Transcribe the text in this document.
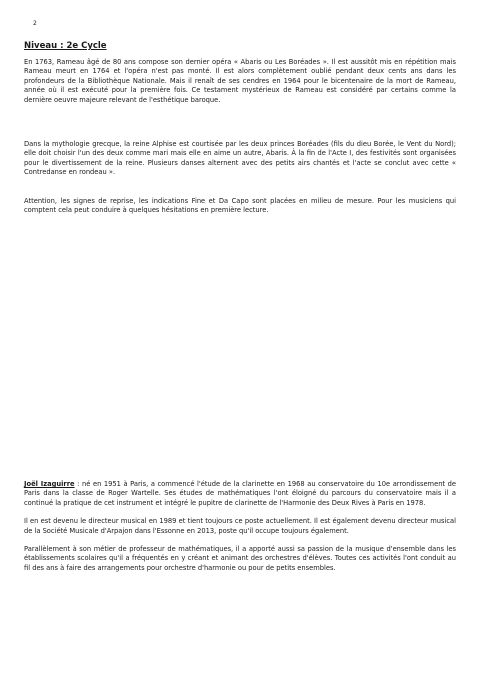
2
Niveau : 2e Cycle

En 1763, Rameau âgé de 80 ans compose son dernier opéra « Abaris ou Les Boréades ». Il est aussitôt mis en répétition mais Rameau meurt en 1764 et l'opéra n'est pas monté. Il est alors complètement oublié pendant deux cents ans dans les profondeurs de la Bibliothèque Nationale. Mais il renaît de ses cendres en 1964 pour le bicentenaire de la mort de Rameau, année où il est exécuté pour la première fois. Ce testament mystérieux de Rameau est considéré par certains comme la dernière oeuvre majeure relevant de l'esthétique baroque.

Dans la mythologie grecque, la reine Alphise est courtisée par les deux princes Boréades (fils du dieu Borée, le Vent du Nord); elle doit choisir l'un des deux comme mari mais elle en aime un autre, Abaris. À la fin de l'Acte I, des festivités sont organisées pour le divertissement de la reine. Plusieurs danses alternent avec des petits airs chantés et l'acte se conclut avec cette « Contredanse en rondeau ».

Attention, les signes de reprise, les indications Fine et Da Capo sont placées en milieu de mesure. Pour les musiciens qui comptent cela peut conduire à quelques hésitations en première lecture.

Joël Izaguirre : né en 1951 à Paris, a commencé l'étude de la clarinette en 1968 au conservatoire du 10e arrondissement de Paris dans la classe de Roger Wartelle. Ses études de mathématiques l'ont éloigné du parcours du conservatoire mais il a continué la pratique de cet instrument et intégré le pupitre de clarinette de l'Harmonie des Deux Rives à Paris en 1978.

Il en est devenu le directeur musical en 1989 et tient toujours ce poste actuellement. Il est également devenu directeur musical de la Société Musicale d'Arpajon dans l'Essonne en 2013, poste qu'il occupe toujours également.

Parallèlement à son métier de professeur de mathématiques, il a apporté aussi sa passion de la musique d'ensemble dans les établissements scolaires qu'il a fréquentés en y créant et animant des orchestres d'élèves. Toutes ces activités l'ont conduit au fil des ans à faire des arrangements pour orchestre d'harmonie ou pour de petits ensembles.
